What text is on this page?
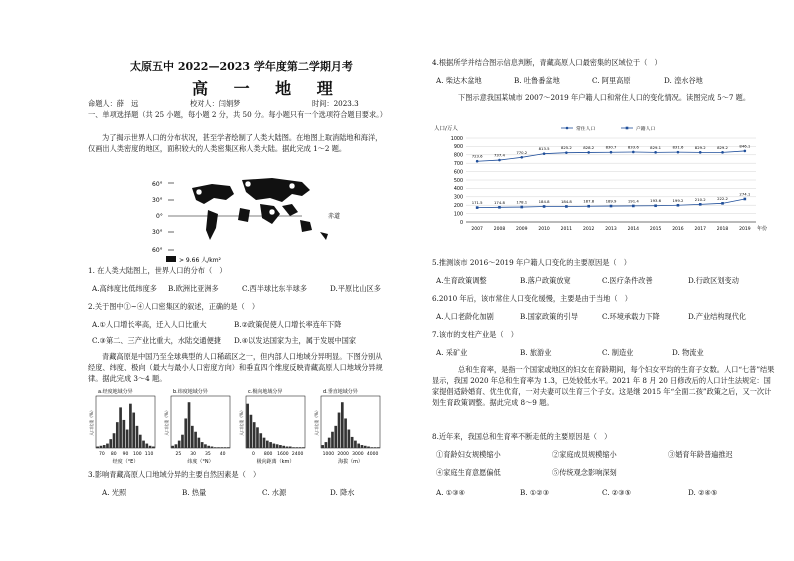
太原五中 2022—2023 学年度第二学期月考
高 一 地 理
命题人：薛　远	校对人：闫娟梦	时间：2023.3
一、单项选择题（共 25 小题，每小题 2 分，共 50 分。每小题只有一个选项符合题目要求。）
为了揭示世界人口的分布状况，甚至学者绘制了人类大陆图。在地图上取消陆地和海洋，仅画出人类密度的地区，面积较大的人类密集区称人类大陆。据此完成 1～2 题。
60°
30°
0°
30°
60°
赤道
> 9.66 人/km²
1. 在人类大陆图上，世界人口的分布（　）
A.高纬度比低纬度多 B.欧洲比亚洲多	C.西半球比东半球多	D.平原比山区多
2.关于图中①~④人口密集区的叙述，正确的是（　）
A.①人口增长率高，迁入人口比重大	B.②政策促使人口增长率连年下降
C.③第二、三产业比重大，水陆交通便捷 D.④以发达国家为主，属于发展中国家
青藏高原是中国乃至全球典型的人口稀疏区之一，但内部人口地域分异明显。下图分别从经度、纬度、极向（最大与最小人口密度方向）和垂直四个维度反映青藏高原人口地域分异规律。据此完成 3～4 题。
a.经度地域分异
70 80 90 100 110
经度（°E）
人口比重（%）
b.纬度地域分异
25 30 35 40
纬度（°N）
人口比重（%）
c.极向地域分异
0 800 1600 2400
极向距离（km）
人口比重（%）
d.垂直地域分异
1000 2000 3000 4000
海拔（m）
人口比重（%）
3.影响青藏高原人口地域分异的主要自然因素是（　）
A. 光照	B. 热量	C. 水源	D. 降水
4.根据所学并结合图示信息判断，青藏高原人口最密集的区域位于（　）
A. 柴达木盆地	B. 吐鲁番盆地	C. 阿里高原	D. 湟水谷地
下图示意我国某城市 2007～2019 年户籍人口和常住人口的变化情况。读图完成 5～7 题。
人口/万人
0
100
200
300
400
500
600
700
800
900
1000
2007 2008 2009 2010 2011 2012 2013 2014 2015 2016 2017 2018 2019 年份
常住人口	户籍人口
723.6	737.4
770.2
813.5	825.2	828.2	830.7	833.6	829.1	831.6	829.2	829.2	846.1
171.5	174.8	178.1	184.8	184.8	187.8	189.9	191.4	193.6	199.2	210.2	222.2
274.1
5.推测该市 2016～2019 年户籍人口变化的主要原因是（　）
A.生育政策调整	B.落户政策放宽	C.医疗条件改善	D.行政区划变动
6.2010 年后，该市常住人口变化缓慢，主要是由于当地（　）
A.人口老龄化加剧	B.国家政策的引导	C.环境承载力下降	D.产业结构现代化
7.该市的支柱产业是（　）
A. 采矿业	B. 旅游业	C. 制造业	D. 物流业
总和生育率，是指一个国家或地区的妇女在育龄期间，每个妇女平均的生育子女数。人口“七普”结果显示，我国 2020 年总和生育率为 1.3，已处较低水平。2021 年 8 月 20 日修改后的人口计生法规定：国家提倡适龄婚育、优生优育，一对夫妻可以生育三个子女。这是继 2015 年“全面二孩”政策之后，又一次计划生育政策调整。据此完成 8～9 题。
8.近年来，我国总和生育率不断走低的主要原因是（　）
①育龄妇女规模缩小	②家庭成员规模缩小	③婚育年龄普遍推迟
④家庭生育意愿偏低	⑤传统观念影响深刻
A. ①③④	B. ①②③	C. ②③⑤	D. ②④⑤
